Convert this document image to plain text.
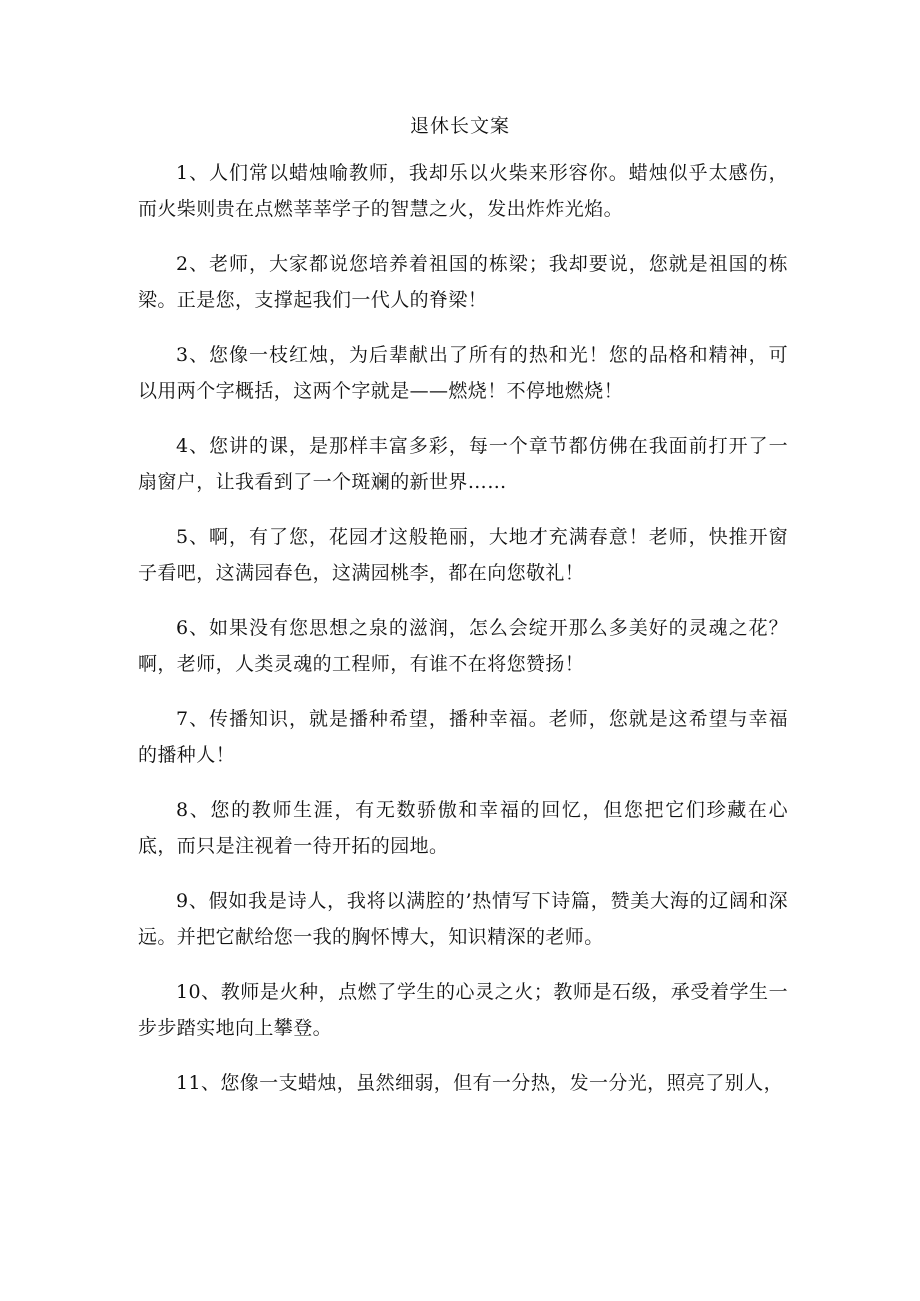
退休长文案

1、人们常以蜡烛喻教师，我却乐以火柴来形容你。蜡烛似乎太感伤，而火柴则贵在点燃莘莘学子的智慧之火，发出炸炸光焰。

2、老师，大家都说您培养着祖国的栋梁；我却要说，您就是祖国的栋梁。正是您，支撑起我们一代人的脊梁！

3、您像一枝红烛，为后辈献出了所有的热和光！您的品格和精神，可以用两个字概括，这两个字就是——燃烧！不停地燃烧！

4、您讲的课，是那样丰富多彩，每一个章节都仿佛在我面前打开了一扇窗户，让我看到了一个斑斓的新世界……

5、啊，有了您，花园才这般艳丽，大地才充满春意！老师，快推开窗子看吧，这满园春色，这满园桃李，都在向您敬礼！

6、如果没有您思想之泉的滋润，怎么会绽开那么多美好的灵魂之花？啊，老师，人类灵魂的工程师，有谁不在将您赞扬！

7、传播知识，就是播种希望，播种幸福。老师，您就是这希望与幸福的播种人！

8、您的教师生涯，有无数骄傲和幸福的回忆，但您把它们珍藏在心底，而只是注视着一待开拓的园地。

9、假如我是诗人，我将以满腔的’热情写下诗篇，赞美大海的辽阔和深远。并把它献给您一我的胸怀博大，知识精深的老师。

10、教师是火种，点燃了学生的心灵之火；教师是石级，承受着学生一步步踏实地向上攀登。

11、您像一支蜡烛，虽然细弱，但有一分热，发一分光，照亮了别人，
